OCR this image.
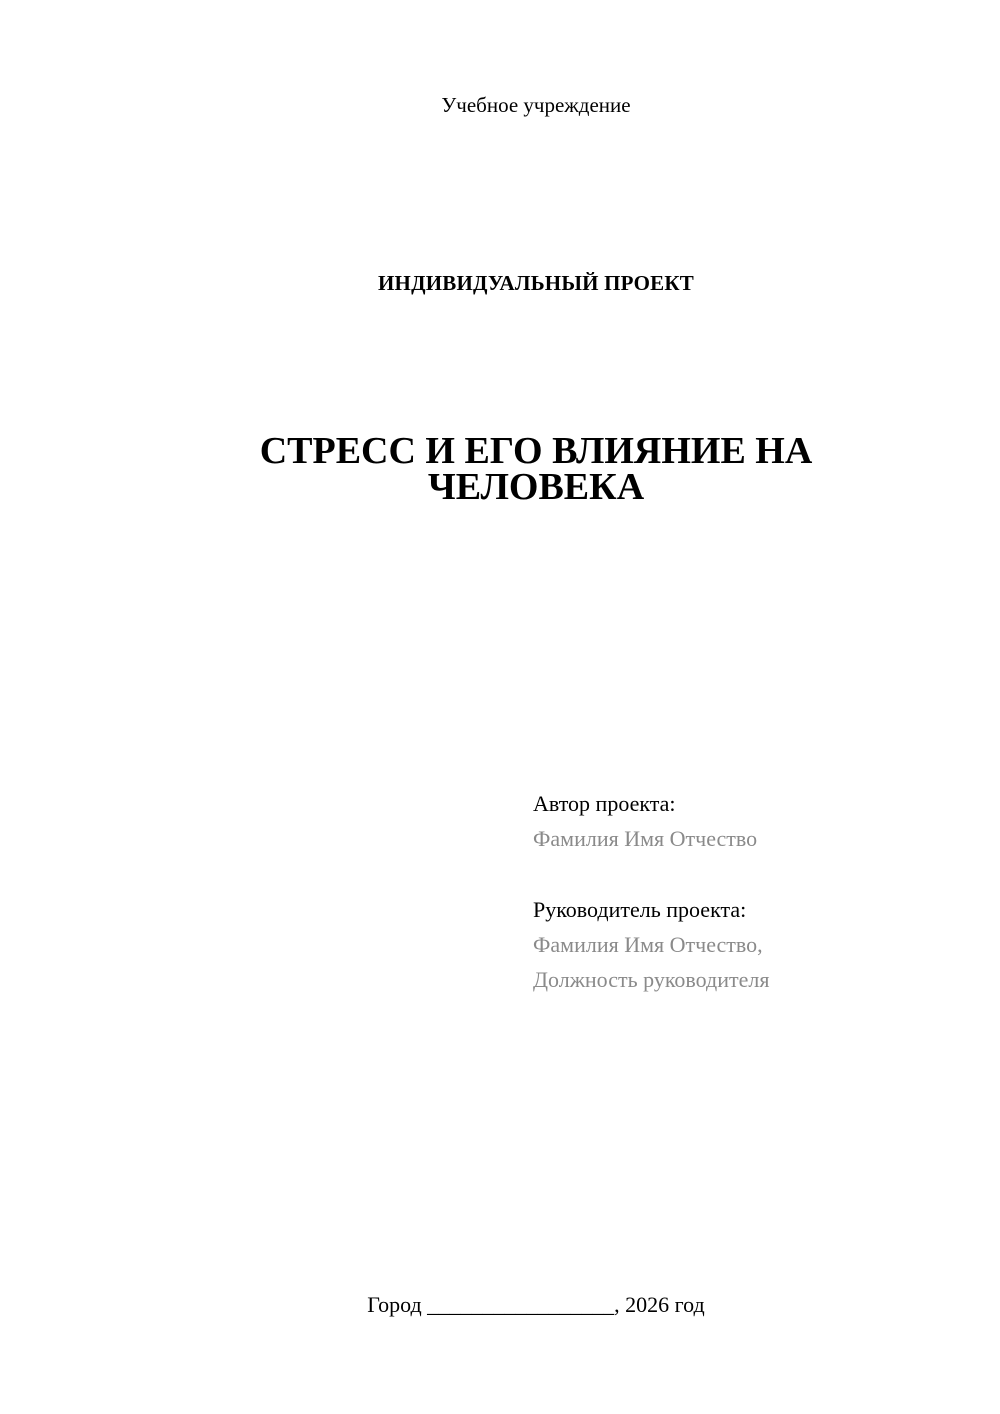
Учебное учреждение
ИНДИВИДУАЛЬНЫЙ ПРОЕКТ
СТРЕСС И ЕГО ВЛИЯНИЕ НА
ЧЕЛОВЕКА
Автор проекта:
Фамилия Имя Отчество
Руководитель проекта:
Фамилия Имя Отчество,
Должность руководителя
Город _________________, 2026 год
